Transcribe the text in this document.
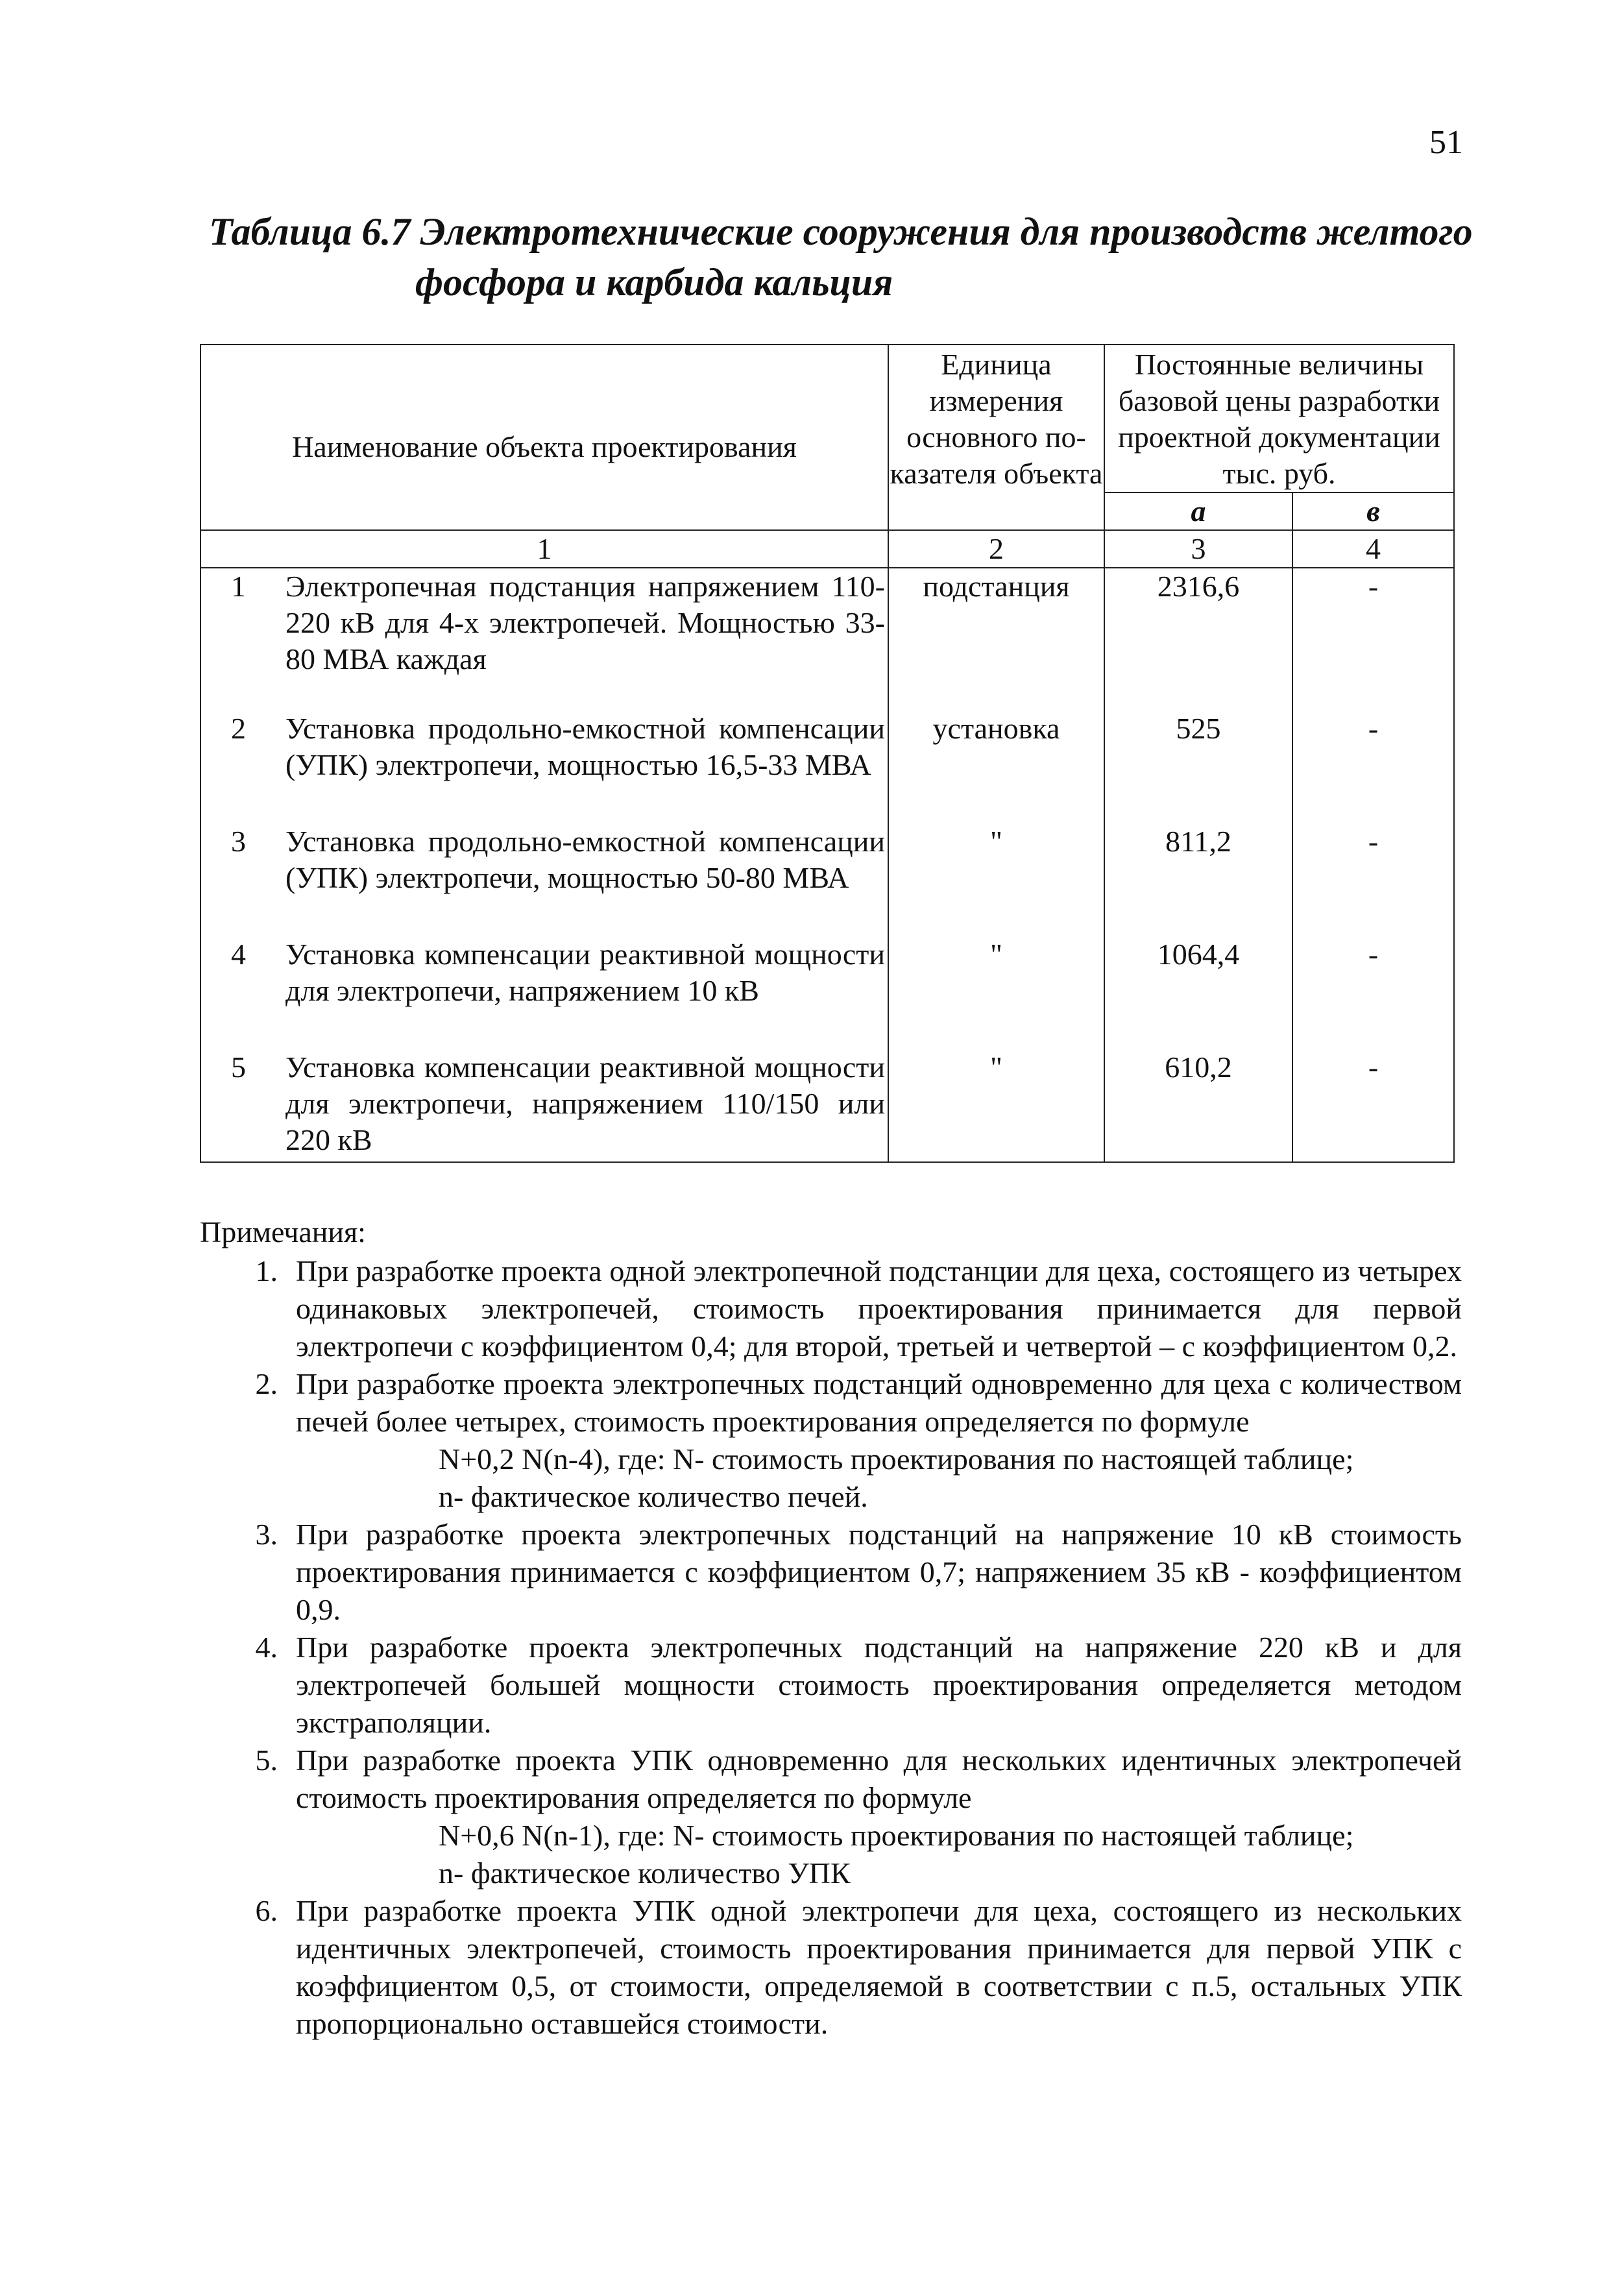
51
Таблица 6.7 Электротехнические сооружения для производств желтого
фосфора и карбида кальция
Наименование объекта проектирования	Единица измерения основного по-казателя объекта	Постоянные величины базовой цены разработки проектной документации тыс. руб.	
		а	в
1	2	3	4

1 Электропечная подстанция напряжением 110-220 кВ для 4-х электропечей. Мощностью 33-80 МВА каждая	подстанция	2316,6	-

2 Установка продольно-емкостной компенсации (УПК) электропечи, мощностью 16,5-33 МВА	установка	525	-

3 Установка продольно-емкостной компенсации (УПК) электропечи, мощностью 50-80 МВА	"	811,2	-

4 Установка компенсации реактивной мощности для электропечи, напряжением 10 кВ	"	1064,4	-

5 Установка компенсации реактивной мощности для электропечи, напряжением 110/150 или 220 кВ	"	610,2	-
Примечания:
1. При разработке проекта одной электропечной подстанции для цеха, состоящего из четырех одинаковых электропечей, стоимость проектирования принимается для первой электропечи с коэффициентом 0,4; для второй, третьей и четвертой – с коэффициентом 0,2.
2. При разработке проекта электропечных подстанций одновременно для цеха с количеством печей более четырех, стоимость проектирования определяется по формуле
N+0,2 N(n-4), где: N- стоимость проектирования по настоящей таблице;
n- фактическое количество печей.
3. При разработке проекта электропечных подстанций на напряжение 10 кВ стоимость проектирования принимается с коэффициентом 0,7; напряжением 35 кВ - коэффициентом 0,9.
4. При разработке проекта электропечных подстанций на напряжение 220 кВ и для электропечей большей мощности стоимость проектирования определяется методом экстраполяции.
5. При разработке проекта УПК одновременно для нескольких идентичных электропечей стоимость проектирования определяется по формуле
N+0,6 N(n-1), где: N- стоимость проектирования по настоящей таблице;
n- фактическое количество УПК
6. При разработке проекта УПК одной электропечи для цеха, состоящего из нескольких идентичных электропечей, стоимость проектирования принимается для первой УПК с коэффициентом 0,5, от стоимости, определяемой в соответствии с п.5, остальных УПК пропорционально оставшейся стоимости.
